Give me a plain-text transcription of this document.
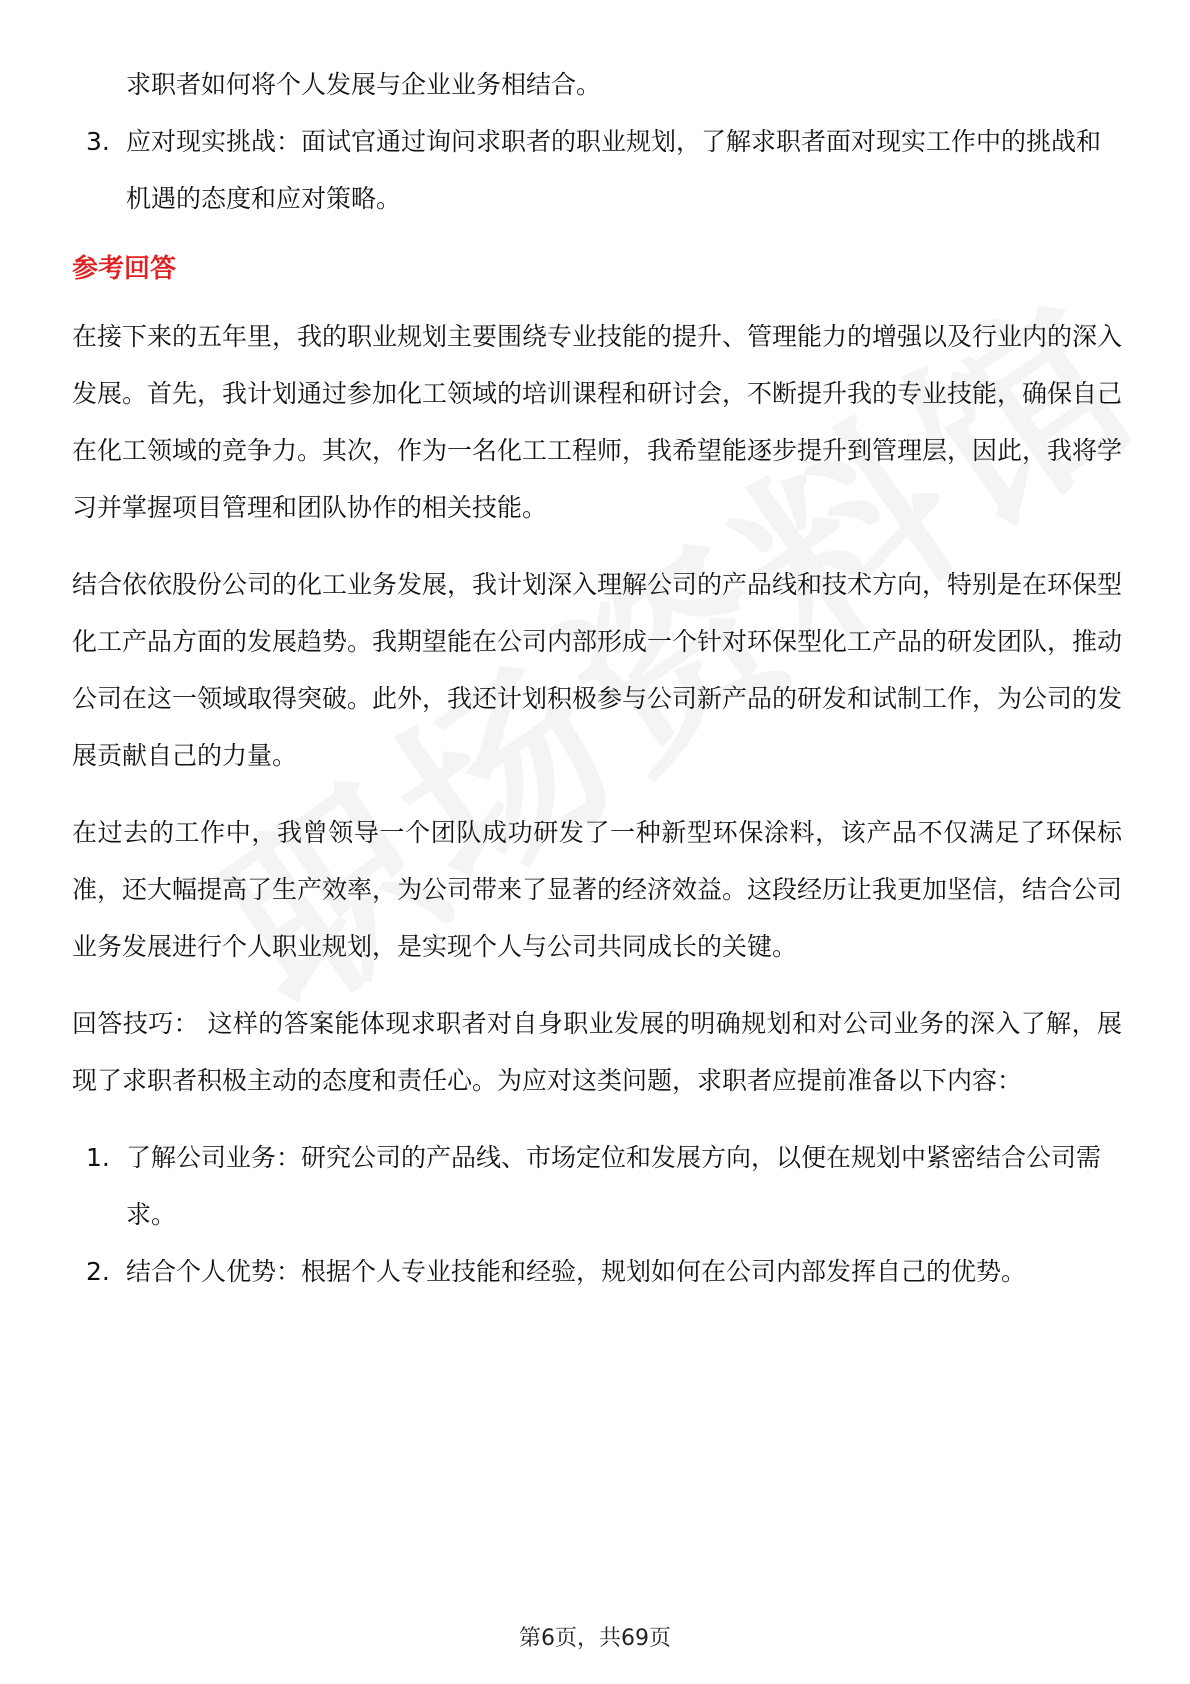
求职者如何将个人发展与企业业务相结合。

3. 应对现实挑战：面试官通过询问求职者的职业规划，了解求职者面对现实工作中的挑战和机遇的态度和应对策略。
参考回答

在接下来的五年里，我的职业规划主要围绕专业技能的提升、管理能力的增强以及行业内的深入发展。首先，我计划通过参加化工领域的培训课程和研讨会，不断提升我的专业技能，确保自己在化工领域的竞争力。其次，作为一名化工工程师，我希望能逐步提升到管理层，因此，我将学习并掌握项目管理和团队协作的相关技能。

结合依依股份公司的化工业务发展，我计划深入理解公司的产品线和技术方向，特别是在环保型化工产品方面的发展趋势。我期望能在公司内部形成一个针对环保型化工产品的研发团队，推动公司在这一领域取得突破。此外，我还计划积极参与公司新产品的研发和试制工作，为公司的发展贡献自己的力量。

在过去的工作中，我曾领导一个团队成功研发了一种新型环保涂料，该产品不仅满足了环保标准，还大幅提高了生产效率，为公司带来了显著的经济效益。这段经历让我更加坚信，结合公司业务发展进行个人职业规划，是实现个人与公司共同成长的关键。

回答技巧： 这样的答案能体现求职者对自身职业发展的明确规划和对公司业务的深入了解，展现了求职者积极主动的态度和责任心。为应对这类问题，求职者应提前准备以下内容：

1. 了解公司业务：研究公司的产品线、市场定位和发展方向，以便在规划中紧密结合公司需求。
2. 结合个人优势：根据个人专业技能和经验，规划如何在公司内部发挥自己的优势。
第6页，共69页
